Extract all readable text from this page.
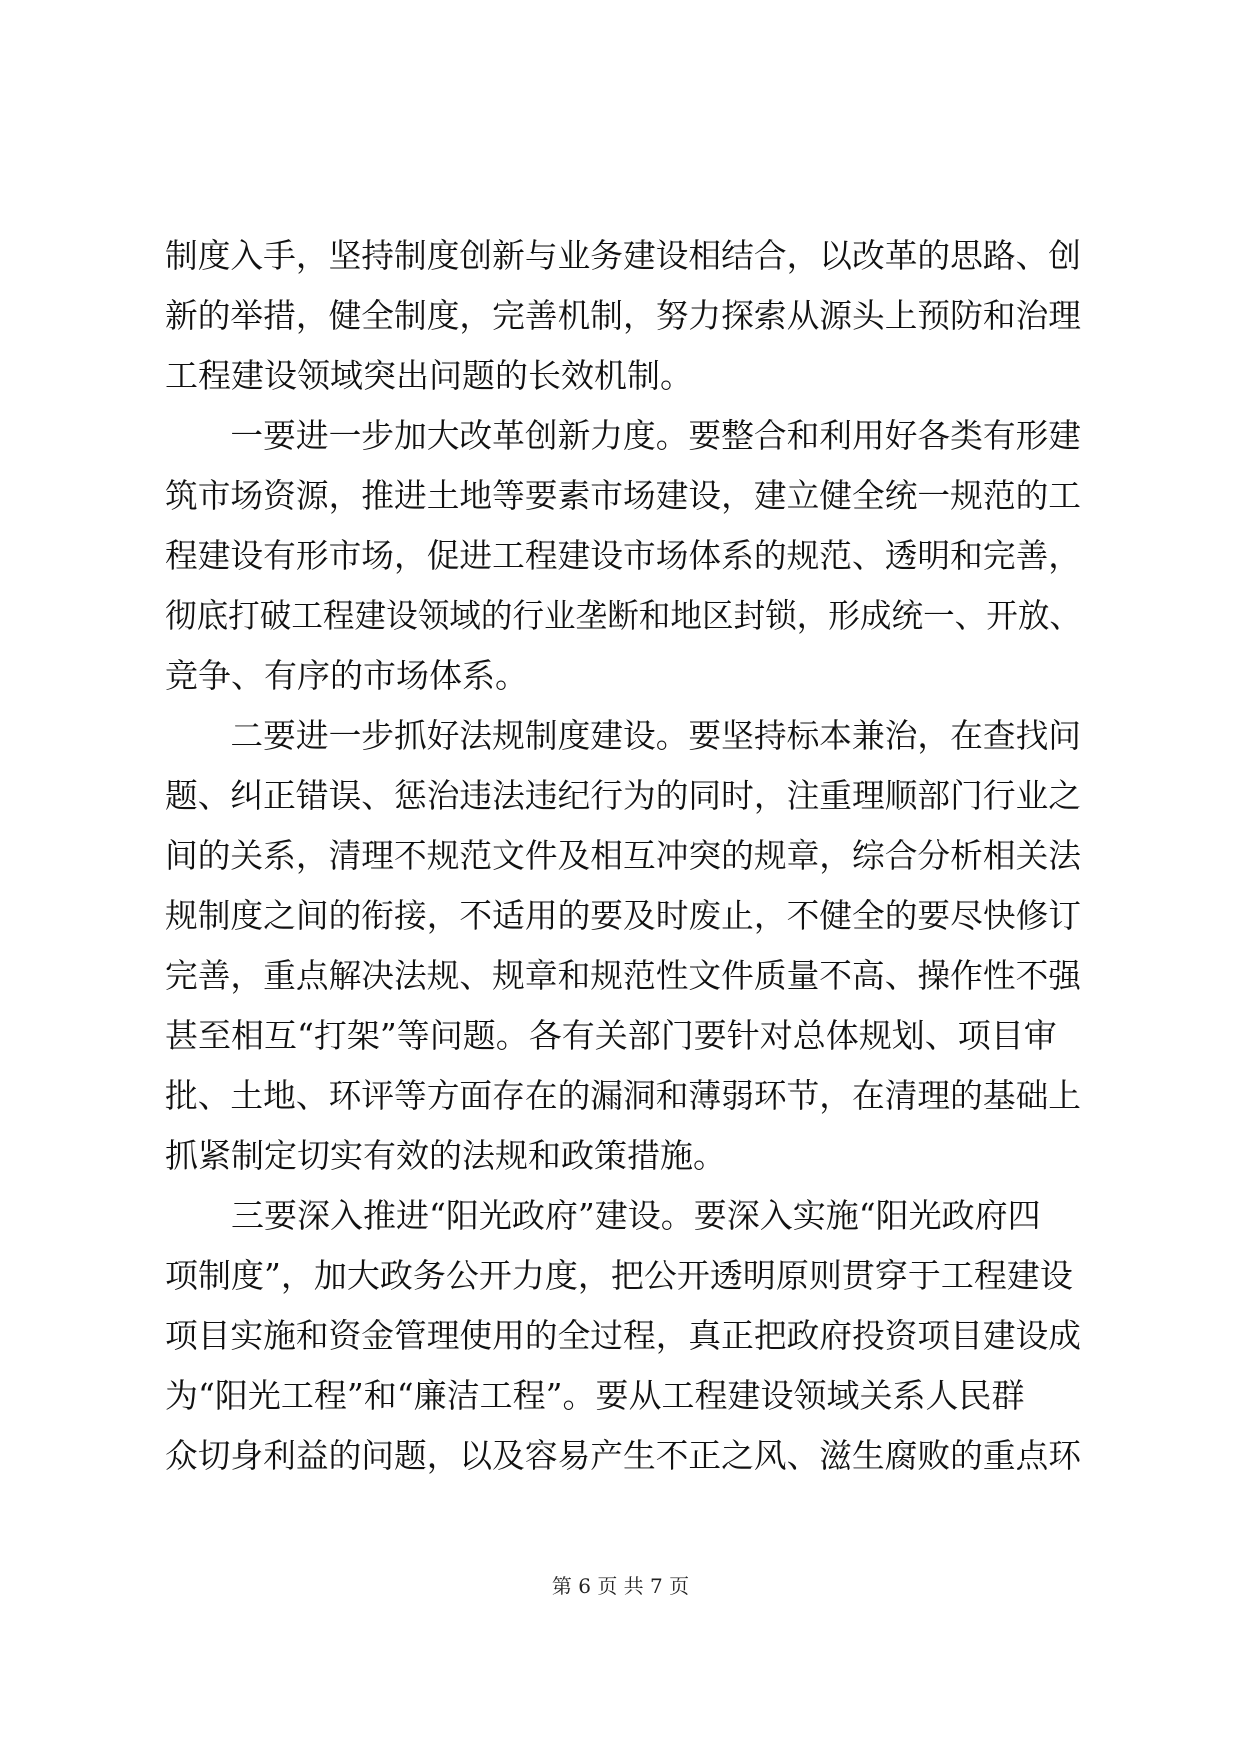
制度入手，坚持制度创新与业务建设相结合，以改革的思路、创
新的举措，健全制度，完善机制，努力探索从源头上预防和治理
工程建设领域突出问题的长效机制。
　　一要进一步加大改革创新力度。要整合和利用好各类有形建
筑市场资源，推进土地等要素市场建设，建立健全统一规范的工
程建设有形市场，促进工程建设市场体系的规范、透明和完善，
彻底打破工程建设领域的行业垄断和地区封锁，形成统一、开放、
竞争、有序的市场体系。
　　二要进一步抓好法规制度建设。要坚持标本兼治，在查找问
题、纠正错误、惩治违法违纪行为的同时，注重理顺部门行业之
间的关系，清理不规范文件及相互冲突的规章，综合分析相关法
规制度之间的衔接，不适用的要及时废止，不健全的要尽快修订
完善，重点解决法规、规章和规范性文件质量不高、操作性不强
甚至相互“打架”等问题。各有关部门要针对总体规划、项目审
批、土地、环评等方面存在的漏洞和薄弱环节，在清理的基础上
抓紧制定切实有效的法规和政策措施。
　　三要深入推进“阳光政府”建设。要深入实施“阳光政府四
项制度”，加大政务公开力度，把公开透明原则贯穿于工程建设
项目实施和资金管理使用的全过程，真正把政府投资项目建设成
为“阳光工程”和“廉洁工程”。要从工程建设领域关系人民群
众切身利益的问题，以及容易产生不正之风、滋生腐败的重点环
第 6 页 共 7 页
